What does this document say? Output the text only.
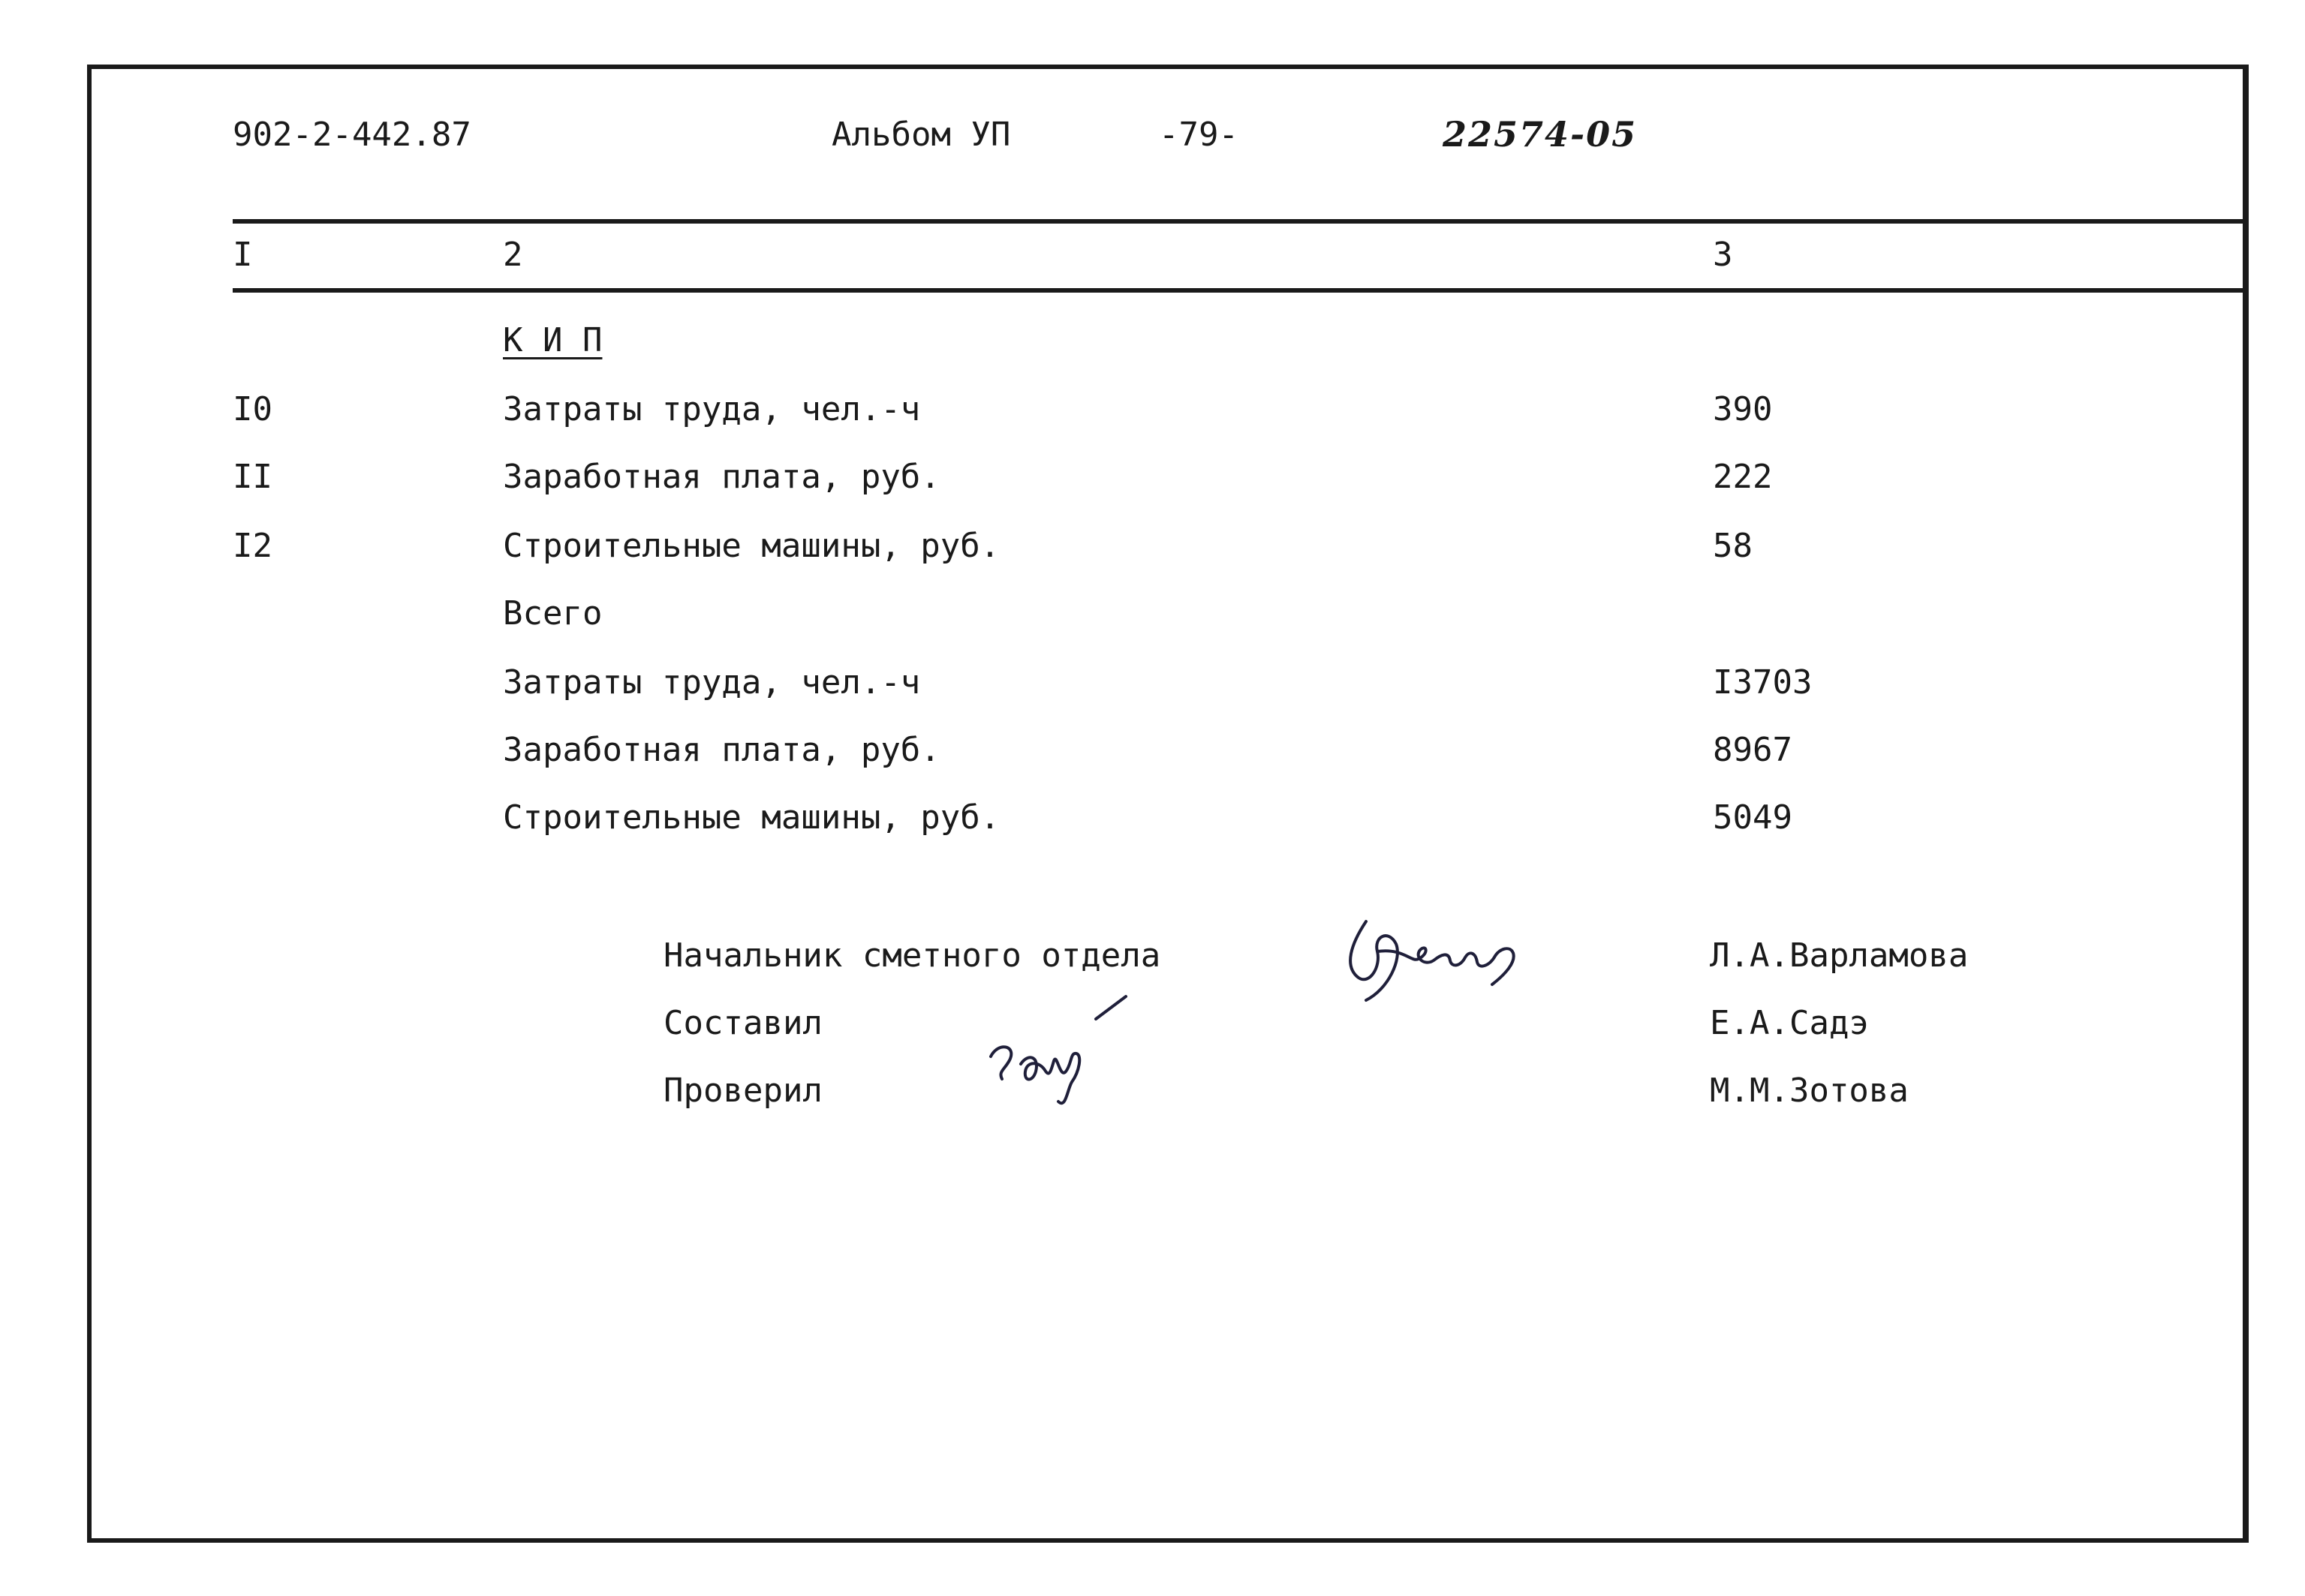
902-2-442.87	Альбом УП	-79-	22574-05
I	2	3
К И П
I0	Затраты труда, чел.-ч	390
II	Заработная плата, руб.	222
I2	Строительные машины, руб.	58
Всего
Затраты труда, чел.-ч	I3703
Заработная плата, руб.	8967
Строительные машины, руб.	5049
Начальник сметного отдела	Л.А.Варламова
Составил	Е.А.Садэ
Проверил	М.М.Зотова
